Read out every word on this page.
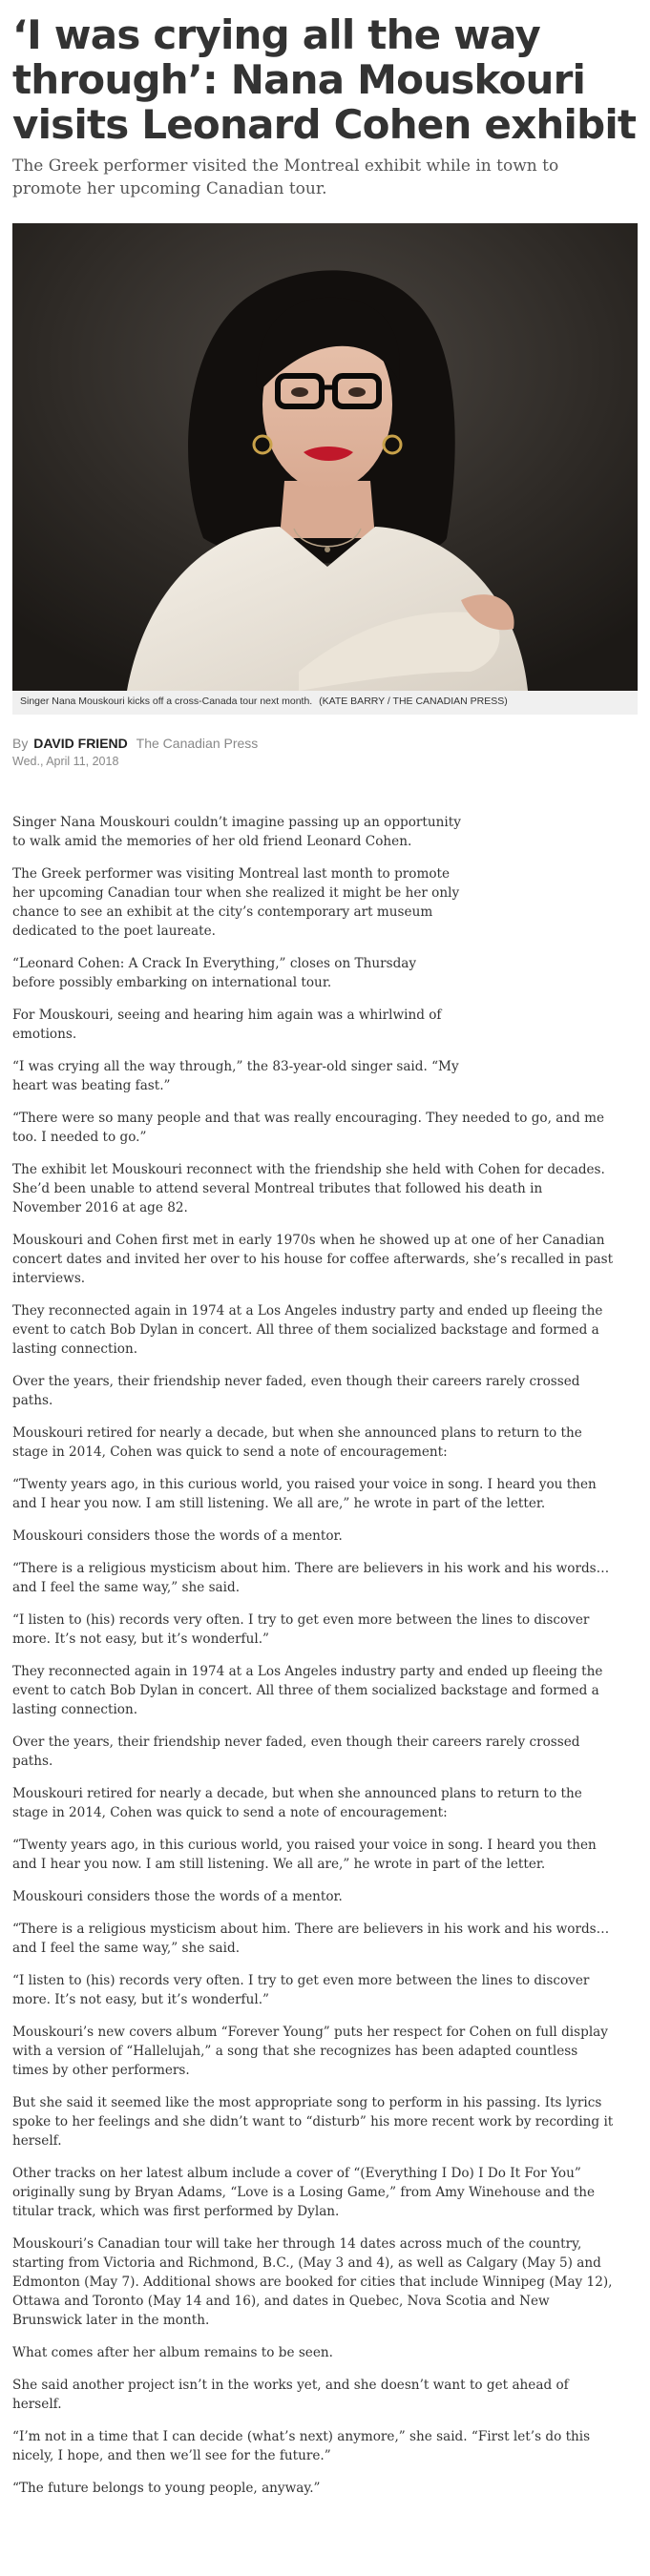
‘I was crying all the way through’: Nana Mouskouri visits Leonard Cohen exhibit
The Greek performer visited the Montreal exhibit while in town to promote her upcoming Canadian tour.
Singer Nana Mouskouri kicks off a cross-Canada tour next month. (KATE BARRY / THE CANADIAN PRESS)
By DAVID FRIEND The Canadian Press
Wed., April 11, 2018

Singer Nana Mouskouri couldn’t imagine passing up an opportunity to walk amid the memories of her old friend Leonard Cohen.

The Greek performer was visiting Montreal last month to promote her upcoming Canadian tour when she realized it might be her only chance to see an exhibit at the city’s contemporary art museum dedicated to the poet laureate.

“Leonard Cohen: A Crack In Everything,” closes on Thursday before possibly embarking on international tour.

For Mouskouri, seeing and hearing him again was a whirlwind of emotions.

“I was crying all the way through,” the 83-year-old singer said. “My heart was beating fast.”

“There were so many people and that was really encouraging. They needed to go, and me too. I needed to go.”

The exhibit let Mouskouri reconnect with the friendship she held with Cohen for decades. She’d been unable to attend several Montreal tributes that followed his death in November 2016 at age 82.

Mouskouri and Cohen first met in early 1970s when he showed up at one of her Canadian concert dates and invited her over to his house for coffee afterwards, she’s recalled in past interviews.

They reconnected again in 1974 at a Los Angeles industry party and ended up fleeing the event to catch Bob Dylan in concert. All three of them socialized backstage and formed a lasting connection.

Over the years, their friendship never faded, even though their careers rarely crossed paths.

Mouskouri retired for nearly a decade, but when she announced plans to return to the stage in 2014, Cohen was quick to send a note of encouragement:

“Twenty years ago, in this curious world, you raised your voice in song. I heard you then and I hear you now. I am still listening. We all are,” he wrote in part of the letter.

Mouskouri considers those the words of a mentor.

“There is a religious mysticism about him. There are believers in his work and his words… and I feel the same way,” she said.

“I listen to (his) records very often. I try to get even more between the lines to discover more. It’s not easy, but it’s wonderful.”

They reconnected again in 1974 at a Los Angeles industry party and ended up fleeing the event to catch Bob Dylan in concert. All three of them socialized backstage and formed a lasting connection.

Over the years, their friendship never faded, even though their careers rarely crossed paths.

Mouskouri retired for nearly a decade, but when she announced plans to return to the stage in 2014, Cohen was quick to send a note of encouragement:

“Twenty years ago, in this curious world, you raised your voice in song. I heard you then and I hear you now. I am still listening. We all are,” he wrote in part of the letter.

Mouskouri considers those the words of a mentor.

“There is a religious mysticism about him. There are believers in his work and his words… and I feel the same way,” she said.

“I listen to (his) records very often. I try to get even more between the lines to discover more. It’s not easy, but it’s wonderful.”

Mouskouri’s new covers album “Forever Young” puts her respect for Cohen on full display with a version of “Hallelujah,” a song that she recognizes has been adapted countless times by other performers.

But she said it seemed like the most appropriate song to perform in his passing. Its lyrics spoke to her feelings and she didn’t want to “disturb” his more recent work by recording it herself.

Other tracks on her latest album include a cover of “(Everything I Do) I Do It For You” originally sung by Bryan Adams, “Love is a Losing Game,” from Amy Winehouse and the titular track, which was first performed by Dylan.

Mouskouri’s Canadian tour will take her through 14 dates across much of the country, starting from Victoria and Richmond, B.C., (May 3 and 4), as well as Calgary (May 5) and Edmonton (May 7). Additional shows are booked for cities that include Winnipeg (May 12), Ottawa and Toronto (May 14 and 16), and dates in Quebec, Nova Scotia and New Brunswick later in the month.

What comes after her album remains to be seen.

She said another project isn’t in the works yet, and she doesn’t want to get ahead of herself.

“I’m not in a time that I can decide (what’s next) anymore,” she said. “First let’s do this nicely, I hope, and then we’ll see for the future.”

“The future belongs to young people, anyway.”
